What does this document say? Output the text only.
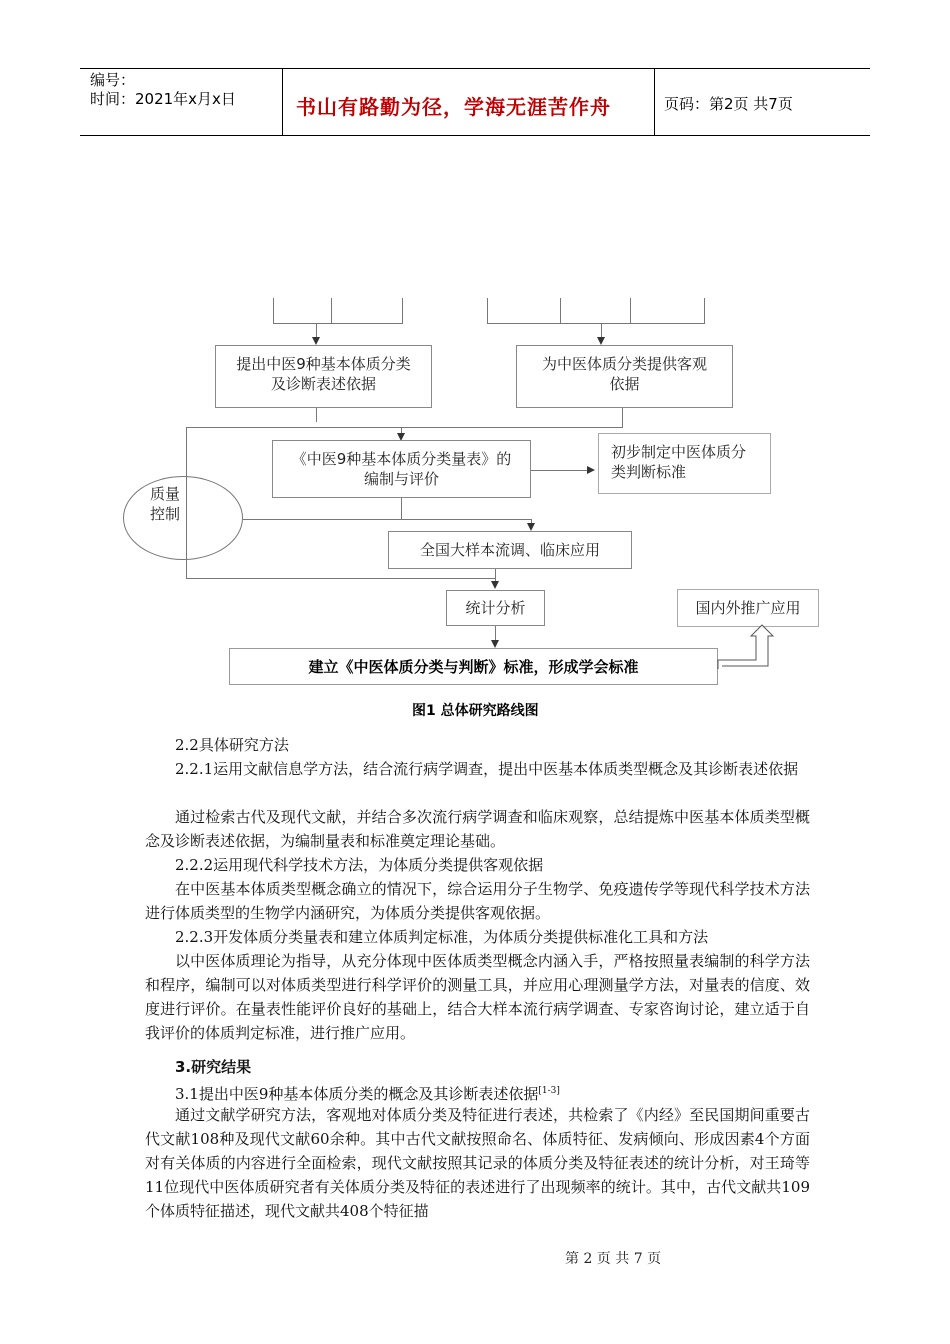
编号：
时间：2021年x月x日	书山有路勤为径，学海无涯苦作舟	页码：第2页 共7页
提出中医9种基本体质分类及诊断表述依据
为中医体质分类提供客观依据
《中医9种基本体质分类量表》的编制与评价
初步制定中医体质分类判断标准
质量控制
全国大样本流调、临床应用
统计分析	国内外推广应用
建立《中医体质分类与判断》标准，形成学会标准
图1 总体研究路线图
2.2具体研究方法
2.2.1运用文献信息学方法，结合流行病学调查，提出中医基本体质类型概念及其诊断表述依据
通过检索古代及现代文献，并结合多次流行病学调查和临床观察，总结提炼中医基本体质类型概念及诊断表述依据，为编制量表和标准奠定理论基础。
2.2.2运用现代科学技术方法，为体质分类提供客观依据
在中医基本体质类型概念确立的情况下，综合运用分子生物学、免疫遗传学等现代科学技术方法进行体质类型的生物学内涵研究，为体质分类提供客观依据。
2.2.3开发体质分类量表和建立体质判定标准，为体质分类提供标准化工具和方法
以中医体质理论为指导，从充分体现中医体质类型概念内涵入手，严格按照量表编制的科学方法和程序，编制可以对体质类型进行科学评价的测量工具，并应用心理测量学方法，对量表的信度、效度进行评价。在量表性能评价良好的基础上，结合大样本流行病学调查、专家咨询讨论，建立适于自我评价的体质判定标准，进行推广应用。
3.研究结果
3.1提出中医9种基本体质分类的概念及其诊断表述依据[1-3]
通过文献学研究方法，客观地对体质分类及特征进行表述，共检索了《内经》至民国期间重要古代文献108种及现代文献60余种。其中古代文献按照命名、体质特征、发病倾向、形成因素4个方面对有关体质的内容进行全面检索，现代文献按照其记录的体质分类及特征表述的统计分析，对王琦等11位现代中医体质研究者有关体质分类及特征的表述进行了出现频率的统计。其中，古代文献共109个体质特征描述，现代文献共408个特征描
第 2 页 共 7 页
